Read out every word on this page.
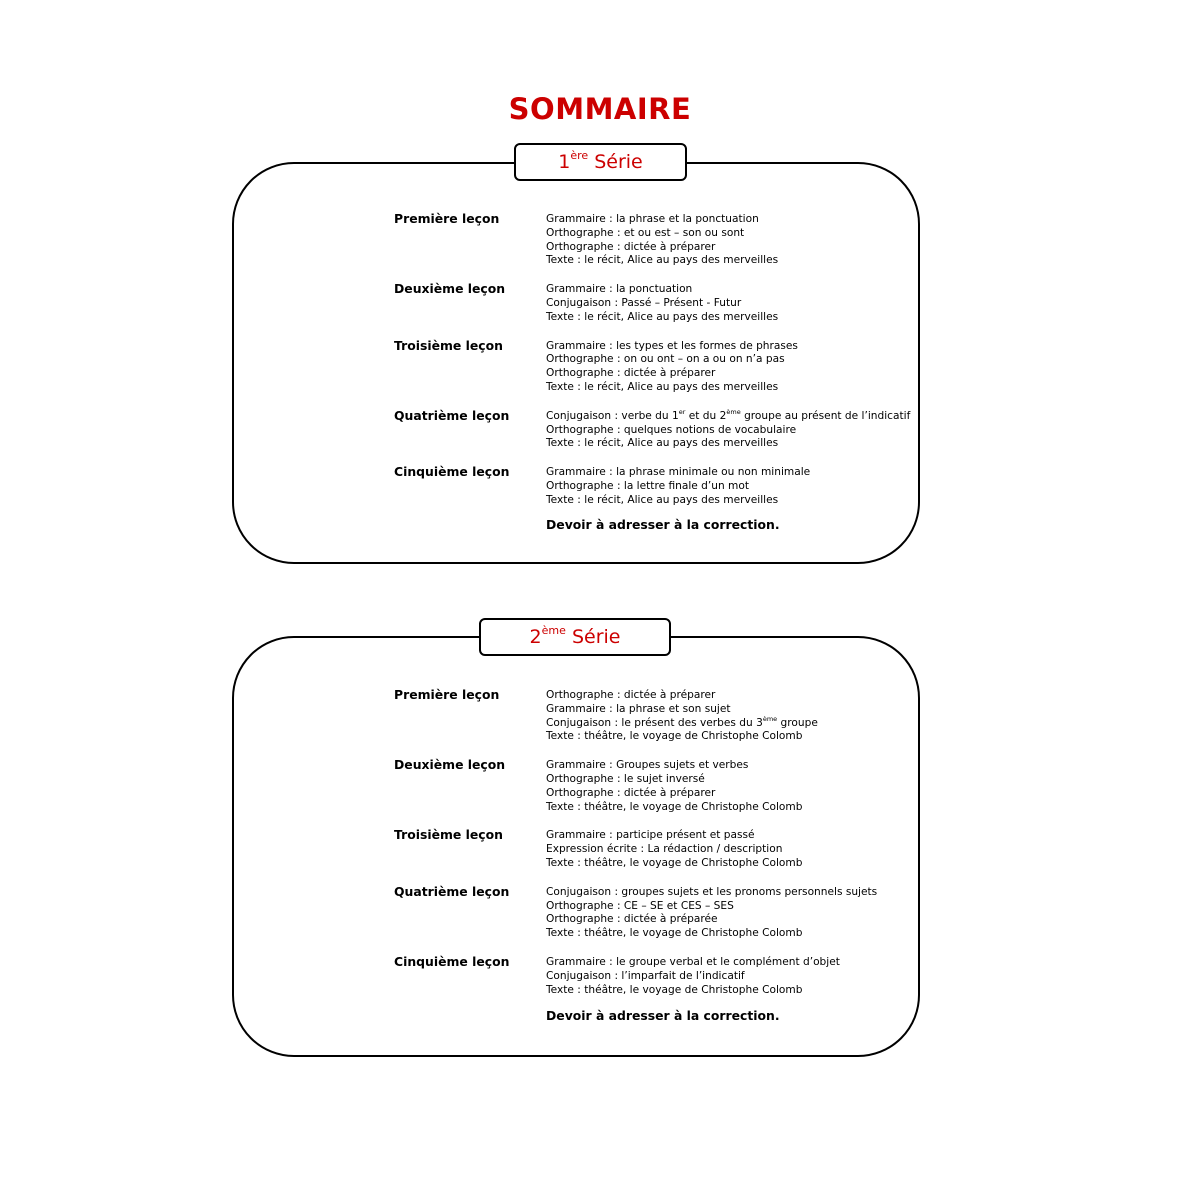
SOMMAIRE
1ère Série
Première leçon	Grammaire : la phrase et la ponctuation
Orthographe : et ou est – son ou sont
Orthographe : dictée à préparer
Texte : le récit, Alice au pays des merveilles
Deuxième leçon	Grammaire : la ponctuation
Conjugaison : Passé – Présent - Futur
Texte : le récit, Alice au pays des merveilles
Troisième leçon	Grammaire : les types et les formes de phrases
Orthographe : on ou ont – on a ou on n’a pas
Orthographe : dictée à préparer
Texte : le récit, Alice au pays des merveilles
Quatrième leçon	Conjugaison : verbe du 1er et du 2ème groupe au présent de l’indicatif
Orthographe : quelques notions de vocabulaire
Texte : le récit, Alice au pays des merveilles
Cinquième leçon	Grammaire : la phrase minimale ou non minimale
Orthographe : la lettre finale d’un mot
Texte : le récit, Alice au pays des merveilles
Devoir à adresser à la correction.
2ème Série
Première leçon	Orthographe : dictée à préparer
Grammaire : la phrase et son sujet
Conjugaison : le présent des verbes du 3ème groupe
Texte : théâtre, le voyage de Christophe Colomb
Deuxième leçon	Grammaire : Groupes sujets et verbes
Orthographe : le sujet inversé
Orthographe : dictée à préparer
Texte : théâtre, le voyage de Christophe Colomb
Troisième leçon	Grammaire : participe présent et passé
Expression écrite : La rédaction / description
Texte : théâtre, le voyage de Christophe Colomb
Quatrième leçon	Conjugaison : groupes sujets et les pronoms personnels sujets
Orthographe : CE – SE et CES – SES
Orthographe : dictée à préparée
Texte : théâtre, le voyage de Christophe Colomb
Cinquième leçon	Grammaire : le groupe verbal et le complément d’objet
Conjugaison : l’imparfait de l’indicatif
Texte : théâtre, le voyage de Christophe Colomb
Devoir à adresser à la correction.
